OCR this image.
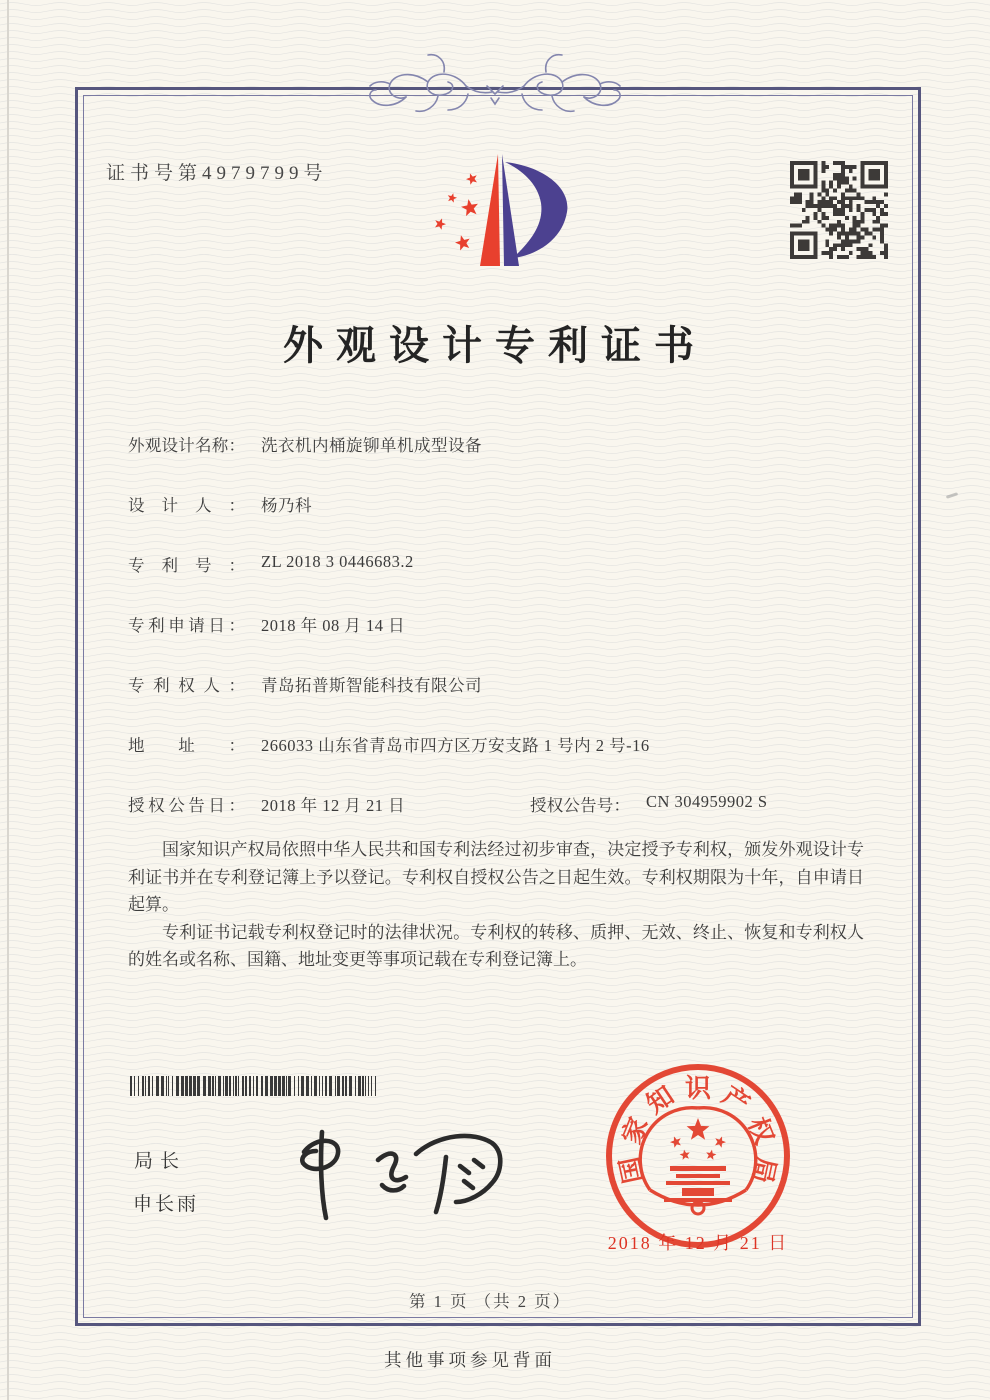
证书号第4979799号
外观设计专利证书
外观设计名称： 洗衣机内桶旋铆单机成型设备
设计人： 杨乃科
专利号： ZL 2018 3 0446683.2
专利申请日： 2018 年 08 月 14 日
专利权人： 青岛拓普斯智能科技有限公司
地址： 266033 山东省青岛市四方区万安支路 1 号内 2 号-16
授权公告日： 2018 年 12 月 21 日	授权公告号： CN 304959902 S

国家知识产权局依照中华人民共和国专利法经过初步审查，决定授予专利权，颁发外观设计专利证书并在专利登记簿上予以登记。专利权自授权公告之日起生效。专利权期限为十年，自申请日起算。

专利证书记载专利权登记时的法律状况。专利权的转移、质押、无效、终止、恢复和专利权人的姓名或名称、国籍、地址变更等事项记载在专利登记簿上。

局长
申长雨
国
家
知 识 产
权
局
2018 年 12 月 21 日
第 1 页 （共 2 页）
其他事项参见背面
